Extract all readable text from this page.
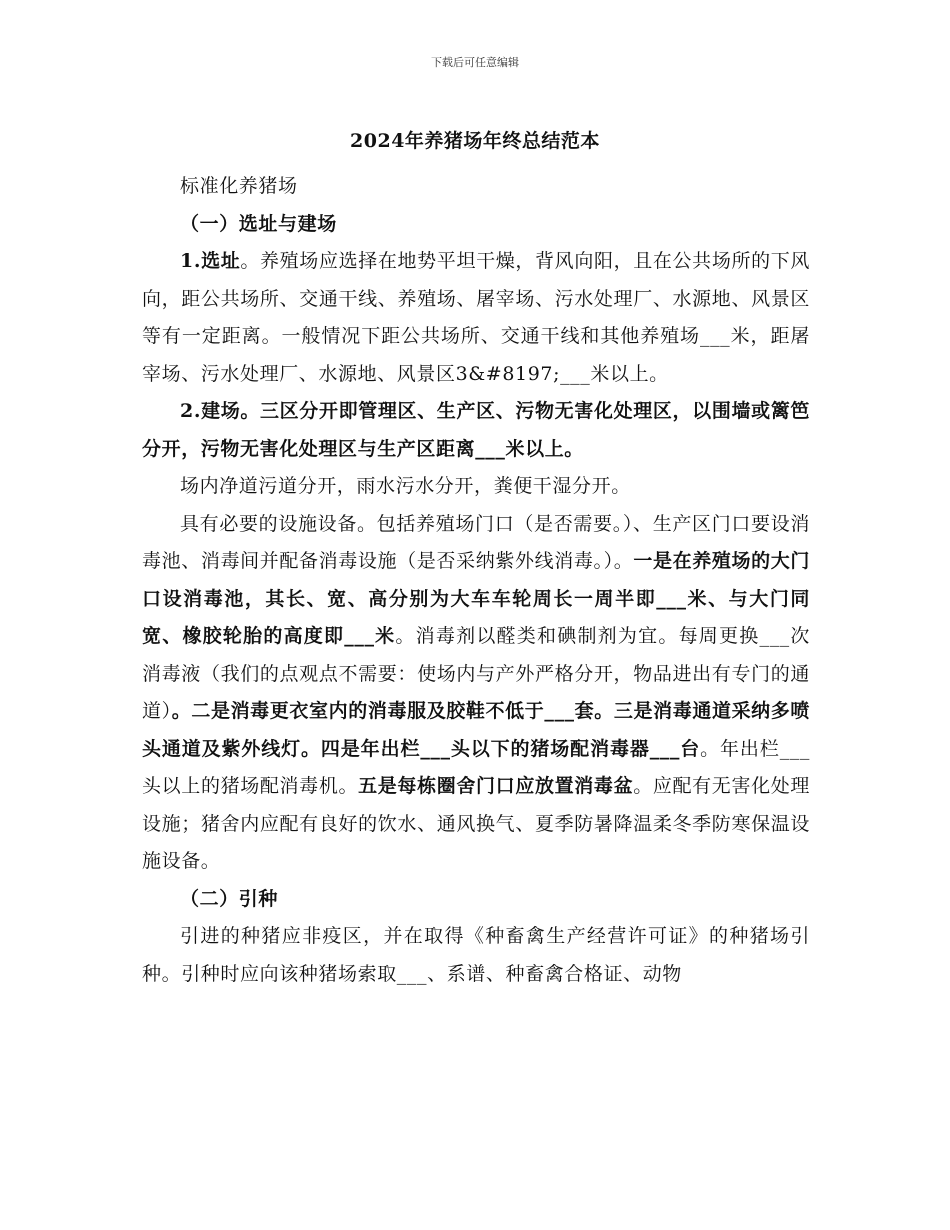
下载后可任意编辑
2024年养猪场年终总结范本

标准化养猪场

（一）选址与建场

1.选址。养殖场应选择在地势平坦干燥，背风向阳，且在公共场所的下风向，距公共场所、交通干线、养殖场、屠宰场、污水处理厂、水源地、风景区等有一定距离。一般情况下距公共场所、交通干线和其他养殖场___米，距屠宰场、污水处理厂、水源地、风景区3&#8197;___米以上。

2.建场。三区分开即管理区、生产区、污物无害化处理区，以围墙或篱笆分开，污物无害化处理区与生产区距离___米以上。

场内净道污道分开，雨水污水分开，粪便干湿分开。

具有必要的设施设备。包括养殖场门口（是否需要。）、生产区门口要设消毒池、消毒间并配备消毒设施（是否采纳紫外线消毒。）。一是在养殖场的大门口设消毒池，其长、宽、高分别为大车车轮周长一周半即___米、与大门同宽、橡胶轮胎的高度即___米。消毒剂以醛类和碘制剂为宜。每周更换___次消毒液（我们的点观点不需要：使场内与产外严格分开，物品进出有专门的通道）。二是消毒更衣室内的消毒服及胶鞋不低于___套。三是消毒通道采纳多喷头通道及紫外线灯。四是年出栏___头以下的猪场配消毒器___台。年出栏___头以上的猪场配消毒机。五是每栋圈舍门口应放置消毒盆。应配有无害化处理设施；猪舍内应配有良好的饮水、通风换气、夏季防暑降温柔冬季防寒保温设施设备。

（二）引种

引进的种猪应非疫区，并在取得《种畜禽生产经营许可证》的种猪场引种。引种时应向该种猪场索取___、系谱、种畜禽合格证、动物
